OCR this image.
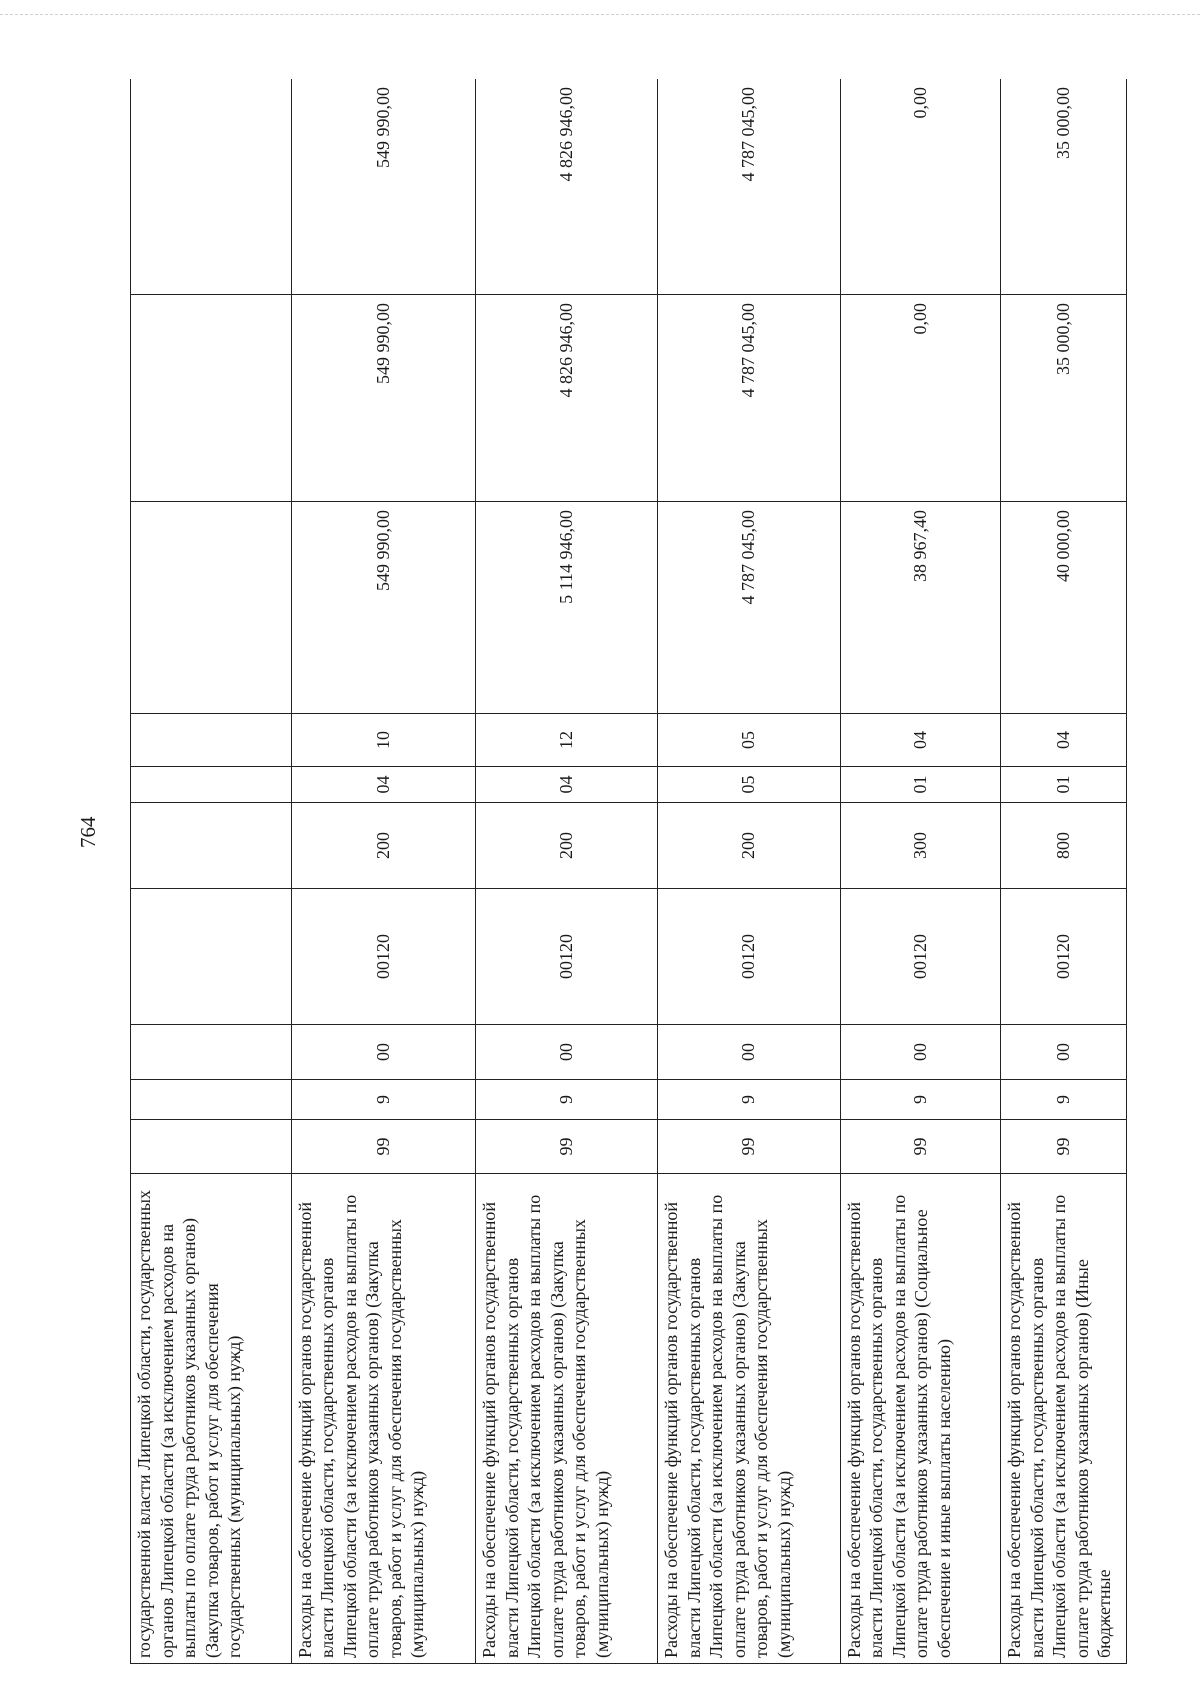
764
государственной власти Липецкой области, государственных органов Липецкой области (за исключением расходов на выплаты по оплате труда работников указанных органов) (Закупка товаров, работ и услуг для обеспечения государственных (муниципальных) нужд)										
Расходы на обеспечение функций органов государственной власти Липецкой области, государственных органов Липецкой области (за исключением расходов на выплаты по оплате труда работников указанных органов) (Закупка товаров, работ и услуг для обеспечения государственных (муниципальных) нужд)	99	9	00	00120	200	04	10	549 990,00	549 990,00	549 990,00
Расходы на обеспечение функций органов государственной власти Липецкой области, государственных органов Липецкой области (за исключением расходов на выплаты по оплате труда работников указанных органов) (Закупка товаров, работ и услуг для обеспечения государственных (муниципальных) нужд)	99	9	00	00120	200	04	12	5 114 946,00	4 826 946,00	4 826 946,00
Расходы на обеспечение функций органов государственной власти Липецкой области, государственных органов Липецкой области (за исключением расходов на выплаты по оплате труда работников указанных органов) (Закупка товаров, работ и услуг для обеспечения государственных (муниципальных) нужд)	99	9	00	00120	200	05	05	4 787 045,00	4 787 045,00	4 787 045,00
Расходы на обеспечение функций органов государственной власти Липецкой области, государственных органов Липецкой области (за исключением расходов на выплаты по оплате труда работников указанных органов) (Социальное обеспечение и иные выплаты населению)	99	9	00	00120	300	01	04	38 967,40	0,00	0,00
Расходы на обеспечение функций органов государственной власти Липецкой области, государственных органов Липецкой области (за исключением расходов на выплаты по оплате труда работников указанных органов) (Иные бюджетные	99	9	00	00120	800	01	04	40 000,00	35 000,00	35 000,00
